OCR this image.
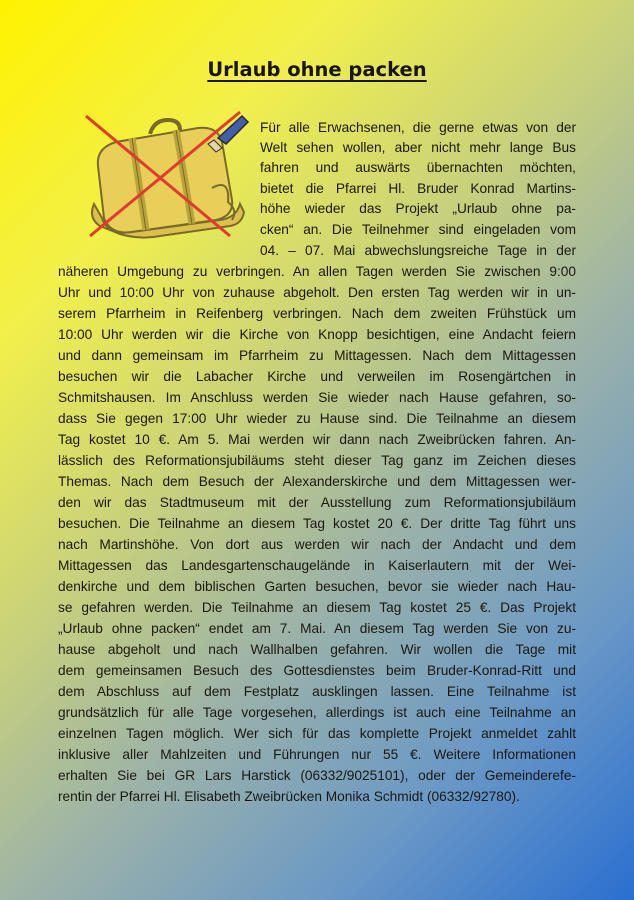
Urlaub ohne packen
Für alle Erwachsenen, die gerne etwas von der
Welt sehen wollen, aber nicht mehr lange Bus
fahren und auswärts übernachten möchten,
bietet die Pfarrei Hl. Bruder Konrad Martins-
höhe wieder das Projekt „Urlaub ohne pa-
cken“ an. Die Teilnehmer sind eingeladen vom
04. – 07. Mai abwechslungsreiche Tage in der
näheren Umgebung zu verbringen. An allen Tagen werden Sie zwischen 9:00
Uhr und 10:00 Uhr von zuhause abgeholt. Den ersten Tag werden wir in un-
serem Pfarrheim in Reifenberg verbringen. Nach dem zweiten Frühstück um
10:00 Uhr werden wir die Kirche von Knopp besichtigen, eine Andacht feiern
und dann gemeinsam im Pfarrheim zu Mittagessen. Nach dem Mittagessen
besuchen wir die Labacher Kirche und verweilen im Rosengärtchen in
Schmitshausen. Im Anschluss werden Sie wieder nach Hause gefahren, so-
dass Sie gegen 17:00 Uhr wieder zu Hause sind. Die Teilnahme an diesem
Tag kostet 10 €. Am 5. Mai werden wir dann nach Zweibrücken fahren. An-
lässlich des Reformationsjubiläums steht dieser Tag ganz im Zeichen dieses
Themas. Nach dem Besuch der Alexanderskirche und dem Mittagessen wer-
den wir das Stadtmuseum mit der Ausstellung zum Reformationsjubiläum
besuchen. Die Teilnahme an diesem Tag kostet 20 €. Der dritte Tag führt uns
nach Martinshöhe. Von dort aus werden wir nach der Andacht und dem
Mittagessen das Landesgartenschaugelände in Kaiserlautern mit der Wei-
denkirche und dem biblischen Garten besuchen, bevor sie wieder nach Hau-
se gefahren werden. Die Teilnahme an diesem Tag kostet 25 €. Das Projekt
„Urlaub ohne packen“ endet am 7. Mai. An diesem Tag werden Sie von zu-
hause abgeholt und nach Wallhalben gefahren. Wir wollen die Tage mit
dem gemeinsamen Besuch des Gottesdienstes beim Bruder-Konrad-Ritt und
dem Abschluss auf dem Festplatz ausklingen lassen. Eine Teilnahme ist
grundsätzlich für alle Tage vorgesehen, allerdings ist auch eine Teilnahme an
einzelnen Tagen möglich. Wer sich für das komplette Projekt anmeldet zahlt
inklusive aller Mahlzeiten und Führungen nur 55 €. Weitere Informationen
erhalten Sie bei GR Lars Harstick (06332/9025101), oder der Gemeinderefe-
rentin der Pfarrei Hl. Elisabeth Zweibrücken Monika Schmidt (06332/92780).
